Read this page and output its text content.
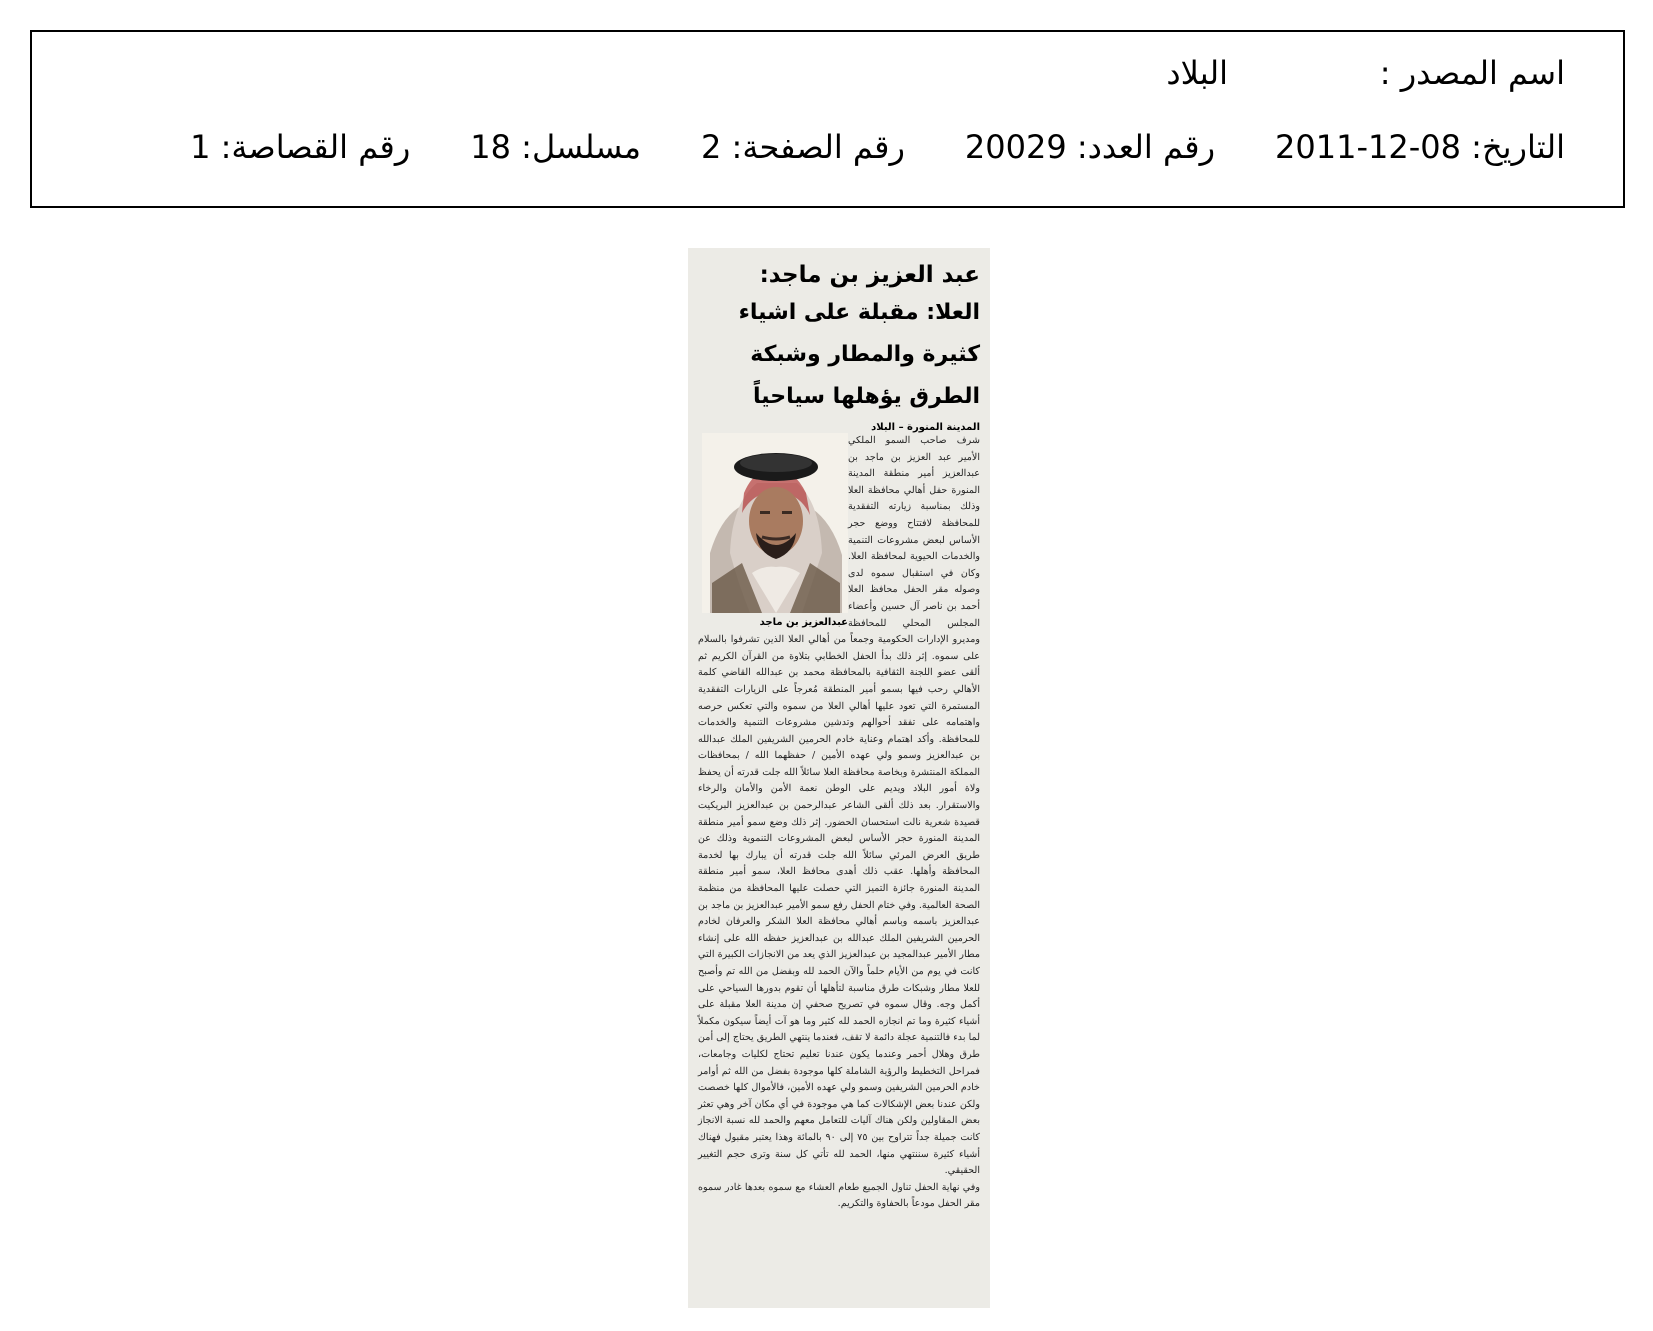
اسم المصدر :
البلاد
التاريخ: 08-12-2011
رقم العدد: 20029
رقم الصفحة: 2
مسلسل: 18
رقم القصاصة: 1
عبد العزيز بن ماجد:
العلا: مقبلة على اشياء كثيرة والمطار وشبكة الطرق يؤهلها سياحياً
المدينة المنورة – البلاد
عبدالعزيز بن ماجد
شرف صاحب السمو الملكي الأمير عبد العزيز بن ماجد بن عبدالعزيز أمير منطقة المدينة المنورة حفل أهالي محافظة العلا وذلك بمناسبة زيارته التفقدية للمحافظة لافتتاح ووضع حجر الأساس لبعض مشروعات التنمية والخدمات الحيوية لمحافظة العلا. وكان في استقبال سموه لدى وصوله مقر الحفل محافظ العلا أحمد بن ناصر آل حسين وأعضاء المجلس المحلي للمحافظة ومديرو الإدارات الحكومية وجمعاً من أهالي العلا الذين تشرفوا بالسلام على سموه. إثر ذلك بدأ الحفل الخطابي بتلاوة من القرآن الكريم ثم ألقى عضو اللجنة الثقافية بالمحافظة محمد بن عبدالله القاضي كلمة الأهالي رحب فيها بسمو أمير المنطقة مُعرجاً على الزيارات التفقدية المستمرة التي تعود عليها أهالي العلا من سموه والتي تعكس حرصه واهتمامه على تفقد أحوالهم وتدشين مشروعات التنمية والخدمات للمحافظة. وأكد اهتمام وعناية خادم الحرمين الشريفين الملك عبدالله بن عبدالعزيز وسمو ولي عهده الأمين / حفظهما الله / بمحافظات المملكة المنتشرة وبخاصة محافظة العلا سائلاً الله جلت قدرته أن يحفظ ولاة أمور البلاد ويديم على الوطن نعمة الأمن والأمان والرخاء والاستقرار. بعد ذلك ألقى الشاعر عبدالرحمن بن عبدالعزيز البريكيت قصيدة شعرية نالت استحسان الحضور. إثر ذلك وضع سمو أمير منطقة المدينة المنورة حجر الأساس لبعض المشروعات التنموية وذلك عن طريق العرض المرئي سائلاً الله جلت قدرته أن يبارك بها لخدمة المحافظة وأهلها. عقب ذلك أهدى محافظ العلا، سمو أمير منطقة المدينة المنورة جائزة التميز التي حصلت عليها المحافظة من منظمة الصحة العالمية. وفي ختام الحفل رفع سمو الأمير عبدالعزيز بن ماجد بن عبدالعزيز باسمه وباسم أهالي محافظة العلا الشكر والعرفان لخادم الحرمين الشريفين الملك عبدالله بن عبدالعزيز حفظه الله على إنشاء مطار الأمير عبدالمجيد بن عبدالعزيز الذي يعد من الانجازات الكبيرة التي كانت في يوم من الأيام حلماً والآن الحمد لله وبفضل من الله تم وأصبح للعلا مطار وشبكات طرق مناسبة لتأهلها أن تقوم بدورها السياحي على أكمل وجه. وقال سموه في تصريح صحفي إن مدينة العلا مقبلة على أشياء كثيرة وما تم انجازه الحمد لله كثير وما هو آت أيضاً سيكون مكملاً لما بدء فالتنمية عجلة دائمة لا تقف، فعندما ينتهي الطريق يحتاج إلى أمن طرق وهلال أحمر وعندما يكون عندنا تعليم تحتاج لكليات وجامعات، فمراحل التخطيط والرؤية الشاملة كلها موجودة بفضل من الله ثم أوامر خادم الحرمين الشريفين وسمو ولي عهده الأمين، فالأموال كلها خصصت ولكن عندنا بعض الإشكالات كما هي موجودة في أي مكان آخر وهي تعثر بعض المقاولين ولكن هناك آليات للتعامل معهم والحمد لله نسبة الانجاز كانت جميلة جداً تتراوح بين ٧٥ إلى ٩٠ بالمائة وهذا يعتبر مقبول فهناك أشياء كثيرة سننتهي منها، الحمد لله تأتي كل سنة وترى حجم التغيير الحقيقي.
وفي نهاية الحفل تناول الجميع طعام العشاء مع سموه بعدها غادر سموه مقر الحفل مودعاً بالحفاوة والتكريم.
